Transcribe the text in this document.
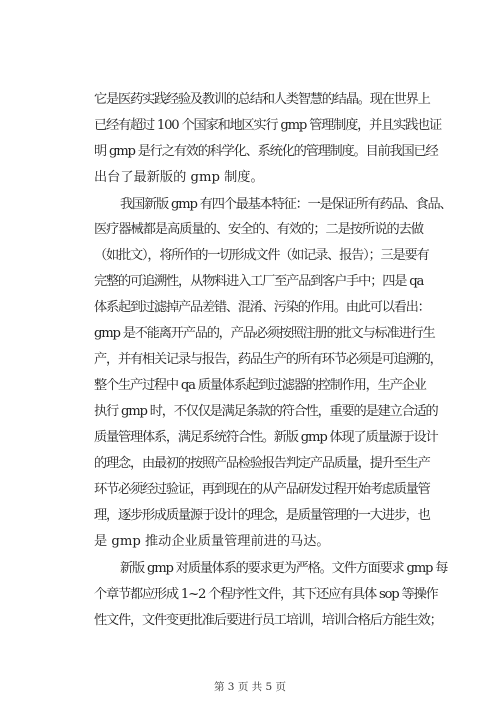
它是医药实践经验及教训的总结和人类智慧的结晶。现在世界上
已经有超过 100 个国家和地区实行 gmp 管理制度，并且实践也证
明 gmp 是行之有效的科学化、系统化的管理制度。目前我国已经
出台了最新版的 gmp 制度。
我国新版 gmp 有四个最基本特征：一是保证所有药品、食品、
医疗器械都是高质量的、安全的、有效的；二是按所说的去做
（如批文），将所作的一切形成文件（如记录、报告）；三是要有
完整的可追溯性，从物料进入工厂至产品到客户手中；四是 qa
体系起到过滤掉产品差错、混淆、污染的作用。由此可以看出：
gmp 是不能离开产品的，产品必须按照注册的批文与标准进行生
产，并有相关记录与报告，药品生产的所有环节必须是可追溯的，
整个生产过程中 qa 质量体系起到过滤器的控制作用，生产企业
执行 gmp 时，不仅仅是满足条款的符合性，重要的是建立合适的
质量管理体系，满足系统符合性。新版 gmp 体现了质量源于设计
的理念，由最初的按照产品检验报告判定产品质量，提升至生产
环节必须经过验证，再到现在的从产品研发过程开始考虑质量管
理，逐步形成质量源于设计的理念，是质量管理的一大进步，也
是 gmp 推动企业质量管理前进的马达。
新版 gmp 对质量体系的要求更为严格。文件方面要求 gmp 每
个章节都应形成 1~2 个程序性文件，其下还应有具体 sop 等操作
性文件，文件变更批准后要进行员工培训，培训合格后方能生效；
第 3 页 共 5 页
